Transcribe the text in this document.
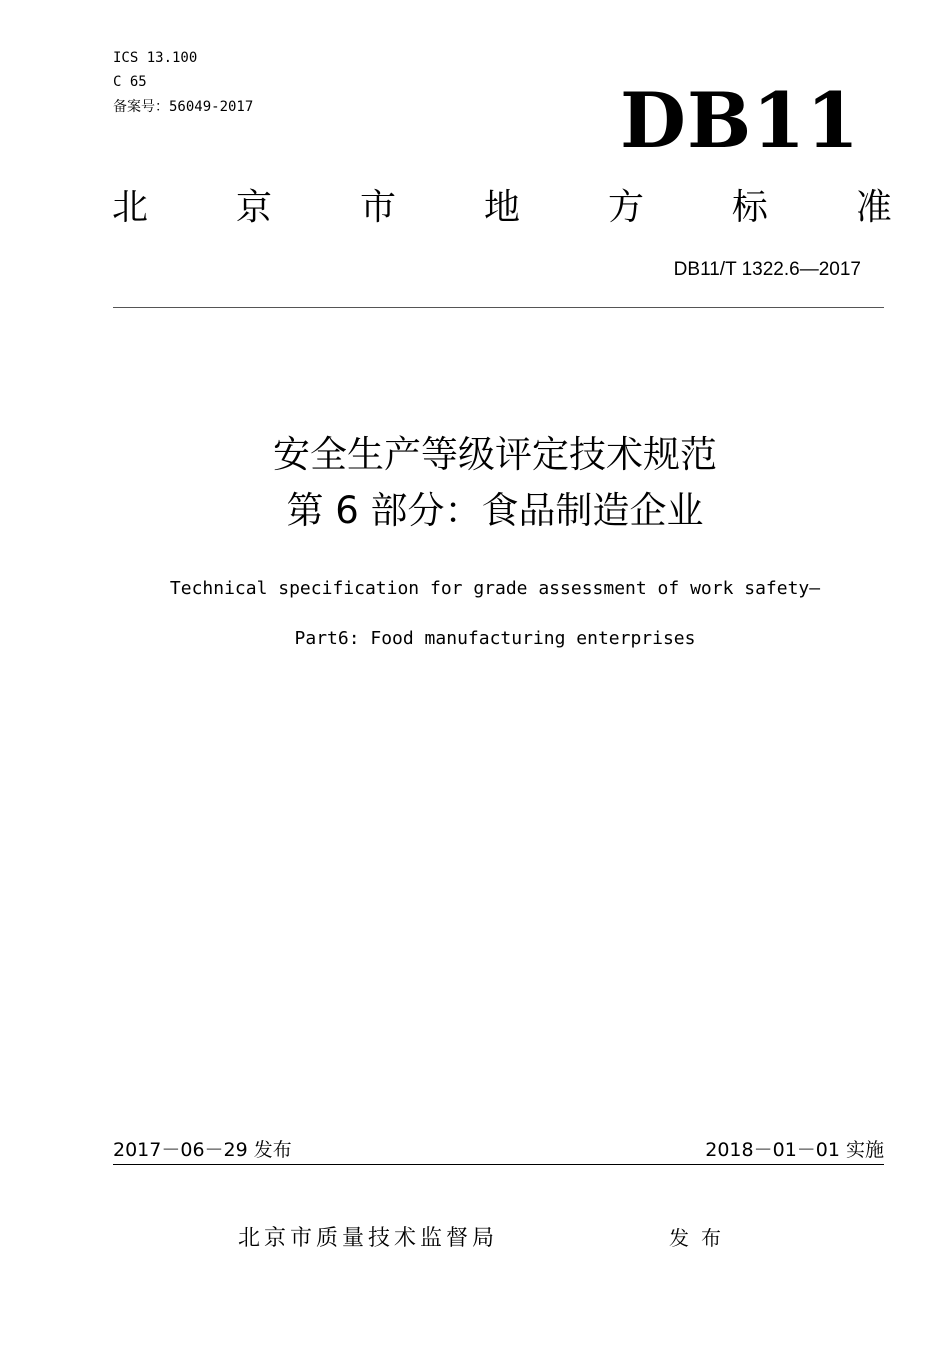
ICS 13.100
C 65
备案号：56049-2017	DB11
北 京 市 地 方 标 准
DB11/T 1322.6—2017
安全生产等级评定技术规范
第 6 部分：食品制造企业
Technical specification for grade assessment of work safety—
Part6: Food manufacturing enterprises
2017－06－29 发布	2018－01－01 实施
北京市质量技术监督局	发布
